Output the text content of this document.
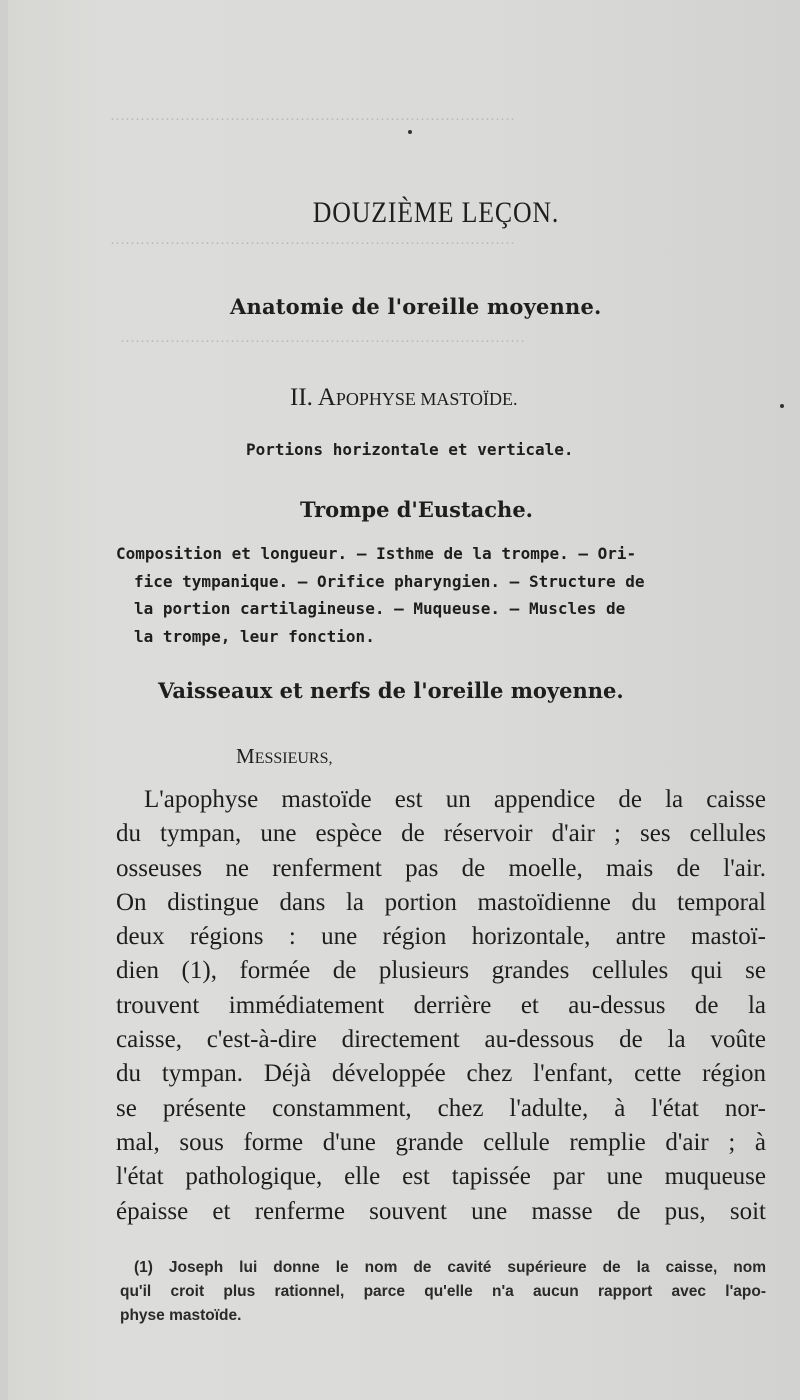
………………………………………………………………………
………………………………………………………………………
………………………………………………………………………
DOUZIÈME LEÇON.
Anatomie de l'oreille moyenne.
II. APOPHYSE MASTOÏDE.
Portions horizontale et verticale.
Trompe d'Eustache.
Composition et longueur. — Isthme de la trompe. — Ori-
fice tympanique. — Orifice pharyngien. — Structure de
la portion cartilagineuse. — Muqueuse. — Muscles de
la trompe, leur fonction.
Vaisseaux et nerfs de l'oreille moyenne.
MESSIEURS,
L'apophyse mastoïde est un appendice de la caisse
du tympan, une espèce de réservoir d'air ; ses cellules
osseuses ne renferment pas de moelle, mais de l'air.
On distingue dans la portion mastoïdienne du temporal
deux régions : une région horizontale, antre mastoï-
dien (1), formée de plusieurs grandes cellules qui se
trouvent immédiatement derrière et au-dessus de la
caisse, c'est-à-dire directement au-dessous de la voûte
du tympan. Déjà développée chez l'enfant, cette région
se présente constamment, chez l'adulte, à l'état nor-
mal, sous forme d'une grande cellule remplie d'air ; à
l'état pathologique, elle est tapissée par une muqueuse
épaisse et renferme souvent une masse de pus, soit
(1) Joseph lui donne le nom de cavité supérieure de la caisse, nom
qu'il croit plus rationnel, parce qu'elle n'a aucun rapport avec l'apo-
physe mastoïde.
